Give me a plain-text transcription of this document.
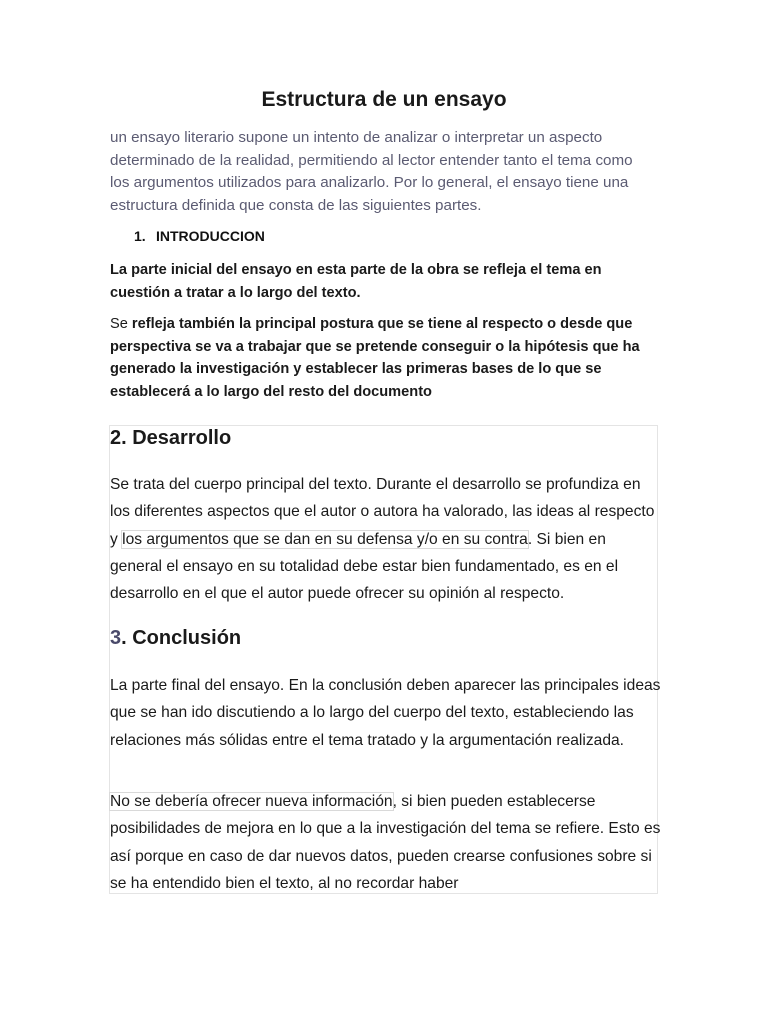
Estructura de un ensayo

un ensayo literario supone un intento de analizar o interpretar un aspecto determinado de la realidad, permitiendo al lector entender tanto el tema como los argumentos utilizados para analizarlo. Por lo general, el ensayo tiene una estructura definida que consta de las siguientes partes.

1. INTRODUCCION

La parte inicial del ensayo en esta parte de la obra se refleja el tema en cuestión a tratar a lo largo del texto.

Se refleja también la principal postura que se tiene al respecto o desde que perspectiva se va a trabajar que se pretende conseguir o la hipótesis que ha generado la investigación y establecer las primeras bases de lo que se establecerá a lo largo del resto del documento

2. Desarrollo

Se trata del cuerpo principal del texto. Durante el desarrollo se profundiza en los diferentes aspectos que el autor o autora ha valorado, las ideas al respecto y los argumentos que se dan en su defensa y/o en su contra. Si bien en general el ensayo en su totalidad debe estar bien fundamentado, es en el desarrollo en el que el autor puede ofrecer su opinión al respecto.

3. Conclusión

La parte final del ensayo. En la conclusión deben aparecer las principales ideas que se han ido discutiendo a lo largo del cuerpo del texto, estableciendo las relaciones más sólidas entre el tema tratado y la argumentación realizada.

No se debería ofrecer nueva información, si bien pueden establecerse posibilidades de mejora en lo que a la investigación del tema se refiere. Esto es así porque en caso de dar nuevos datos, pueden crearse confusiones sobre si se ha entendido bien el texto, al no recordar haber
